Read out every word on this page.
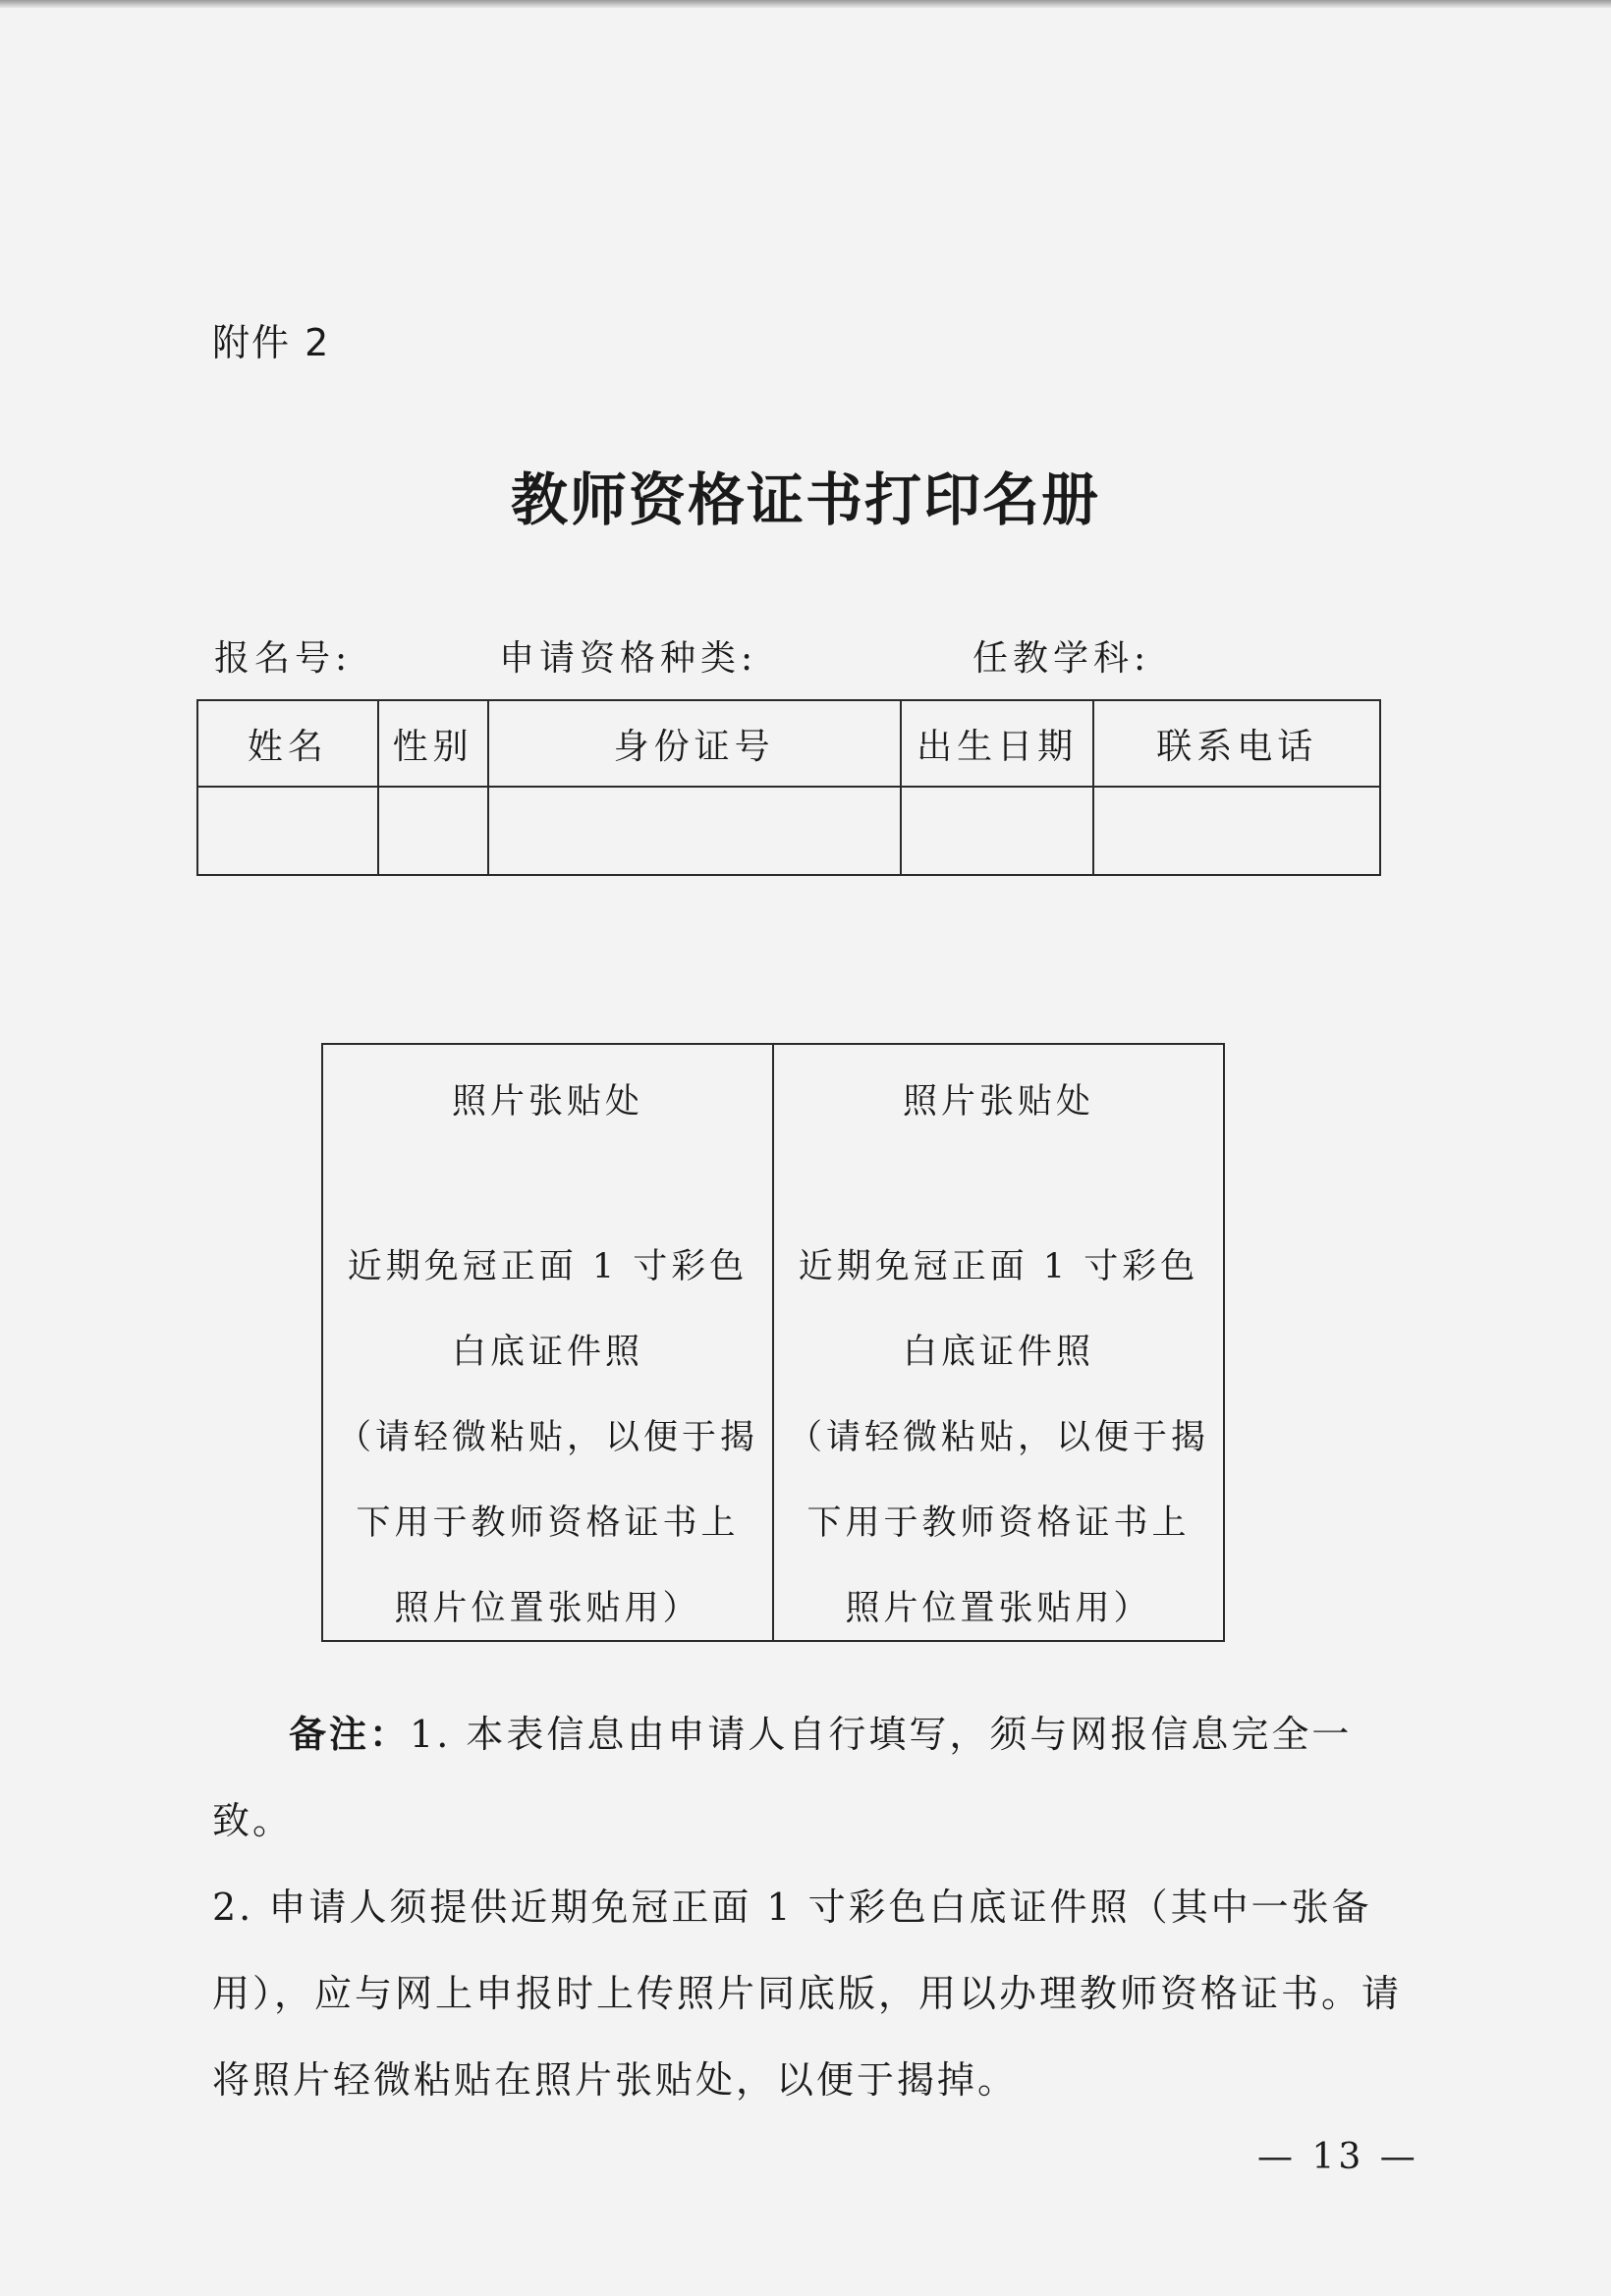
附件 2
教师资格证书打印名册
报名号:	申请资格种类:	任教学科:
姓名	性别	身份证号	出生日期	联系电话

照片张贴处
近期免冠正面 1 寸彩色
白底证件照
（请轻微粘贴，以便于揭
下用于教师资格证书上
照片位置张贴用）

照片张贴处
近期免冠正面 1 寸彩色
白底证件照
（请轻微粘贴，以便于揭
下用于教师资格证书上
照片位置张贴用）

备注：1. 本表信息由申请人自行填写，须与网报信息完全一致。

2. 申请人须提供近期免冠正面 1 寸彩色白底证件照（其中一张备用），应与网上申报时上传照片同底版，用以办理教师资格证书。请将照片轻微粘贴在照片张贴处，以便于揭掉。

— 13 —
